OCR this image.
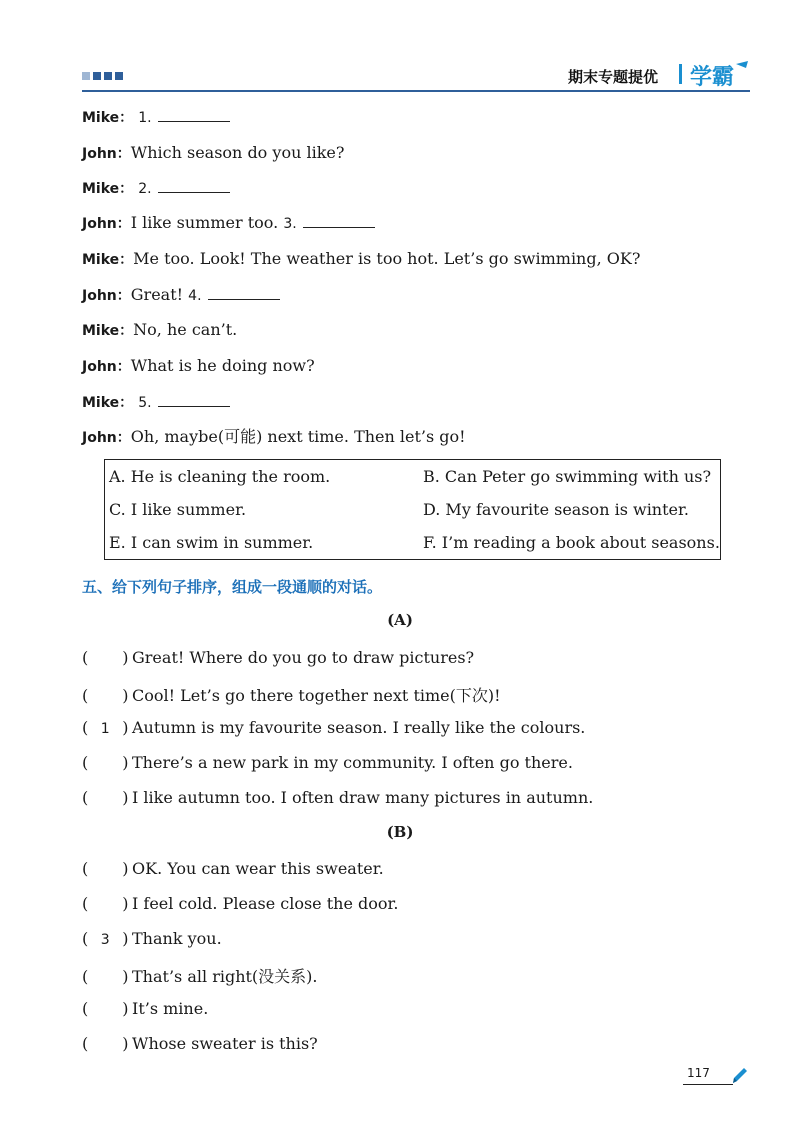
期末专题提优 学霸
Mike： 1.
John：Which season do you like?
Mike： 2.
John：I like summer too. 3.
Mike：Me too. Look! The weather is too hot. Let’s go swimming, OK?
John：Great! 4.
Mike：No, he can’t.
John：What is he doing now?
Mike： 5.
John：Oh, maybe(可能) next time. Then let’s go!
A. He is cleaning the room.	B. Can Peter go swimming with us?
C. I like summer.	D. My favourite season is winter.
E. I can swim in summer.	F. I’m reading a book about seasons.
五、给下列句子排序，组成一段通顺的对话。
(A)
( ) Great! Where do you go to draw pictures?
( ) Cool! Let’s go there together next time(下次)!
( 1 ) Autumn is my favourite season. I really like the colours.
( ) There’s a new park in my community. I often go there.
( ) I like autumn too. I often draw many pictures in autumn.
(B)
( ) OK. You can wear this sweater.
( ) I feel cold. Please close the door.
( 3 ) Thank you.
( ) That’s all right(没关系).
( ) It’s mine.
( ) Whose sweater is this?
117
